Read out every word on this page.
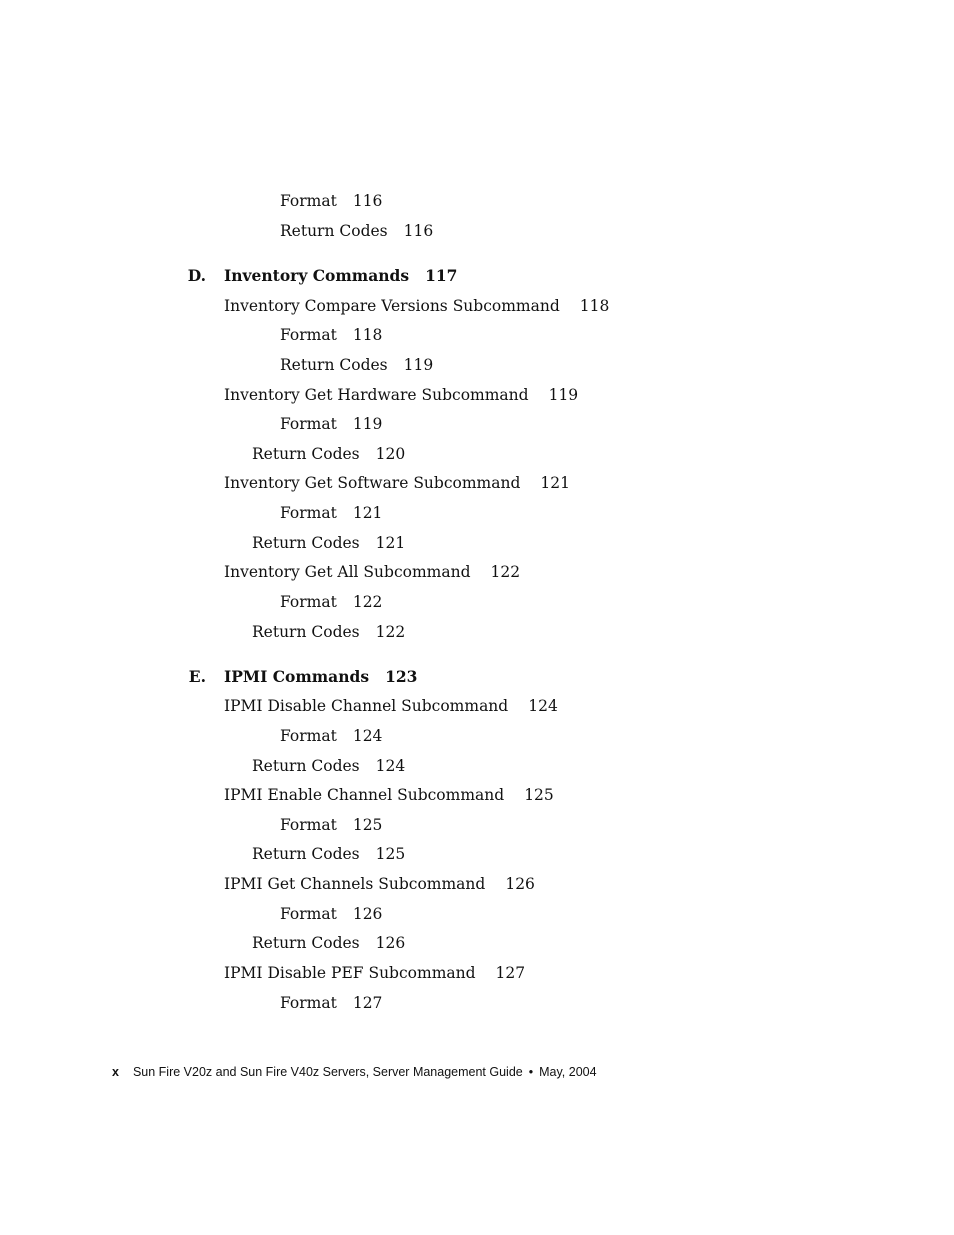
Format 116
Return Codes 116
D. Inventory Commands 117
Inventory Compare Versions Subcommand 118
Format 118
Return Codes 119
Inventory Get Hardware Subcommand 119
Format 119
Return Codes 120
Inventory Get Software Subcommand 121
Format 121
Return Codes 121
Inventory Get All Subcommand 122
Format 122
Return Codes 122
E. IPMI Commands 123
IPMI Disable Channel Subcommand 124
Format 124
Return Codes 124
IPMI Enable Channel Subcommand 125
Format 125
Return Codes 125
IPMI Get Channels Subcommand 126
Format 126
Return Codes 126
IPMI Disable PEF Subcommand 127
Format 127
x Sun Fire V20z and Sun Fire V40z Servers, Server Management Guide • May, 2004
